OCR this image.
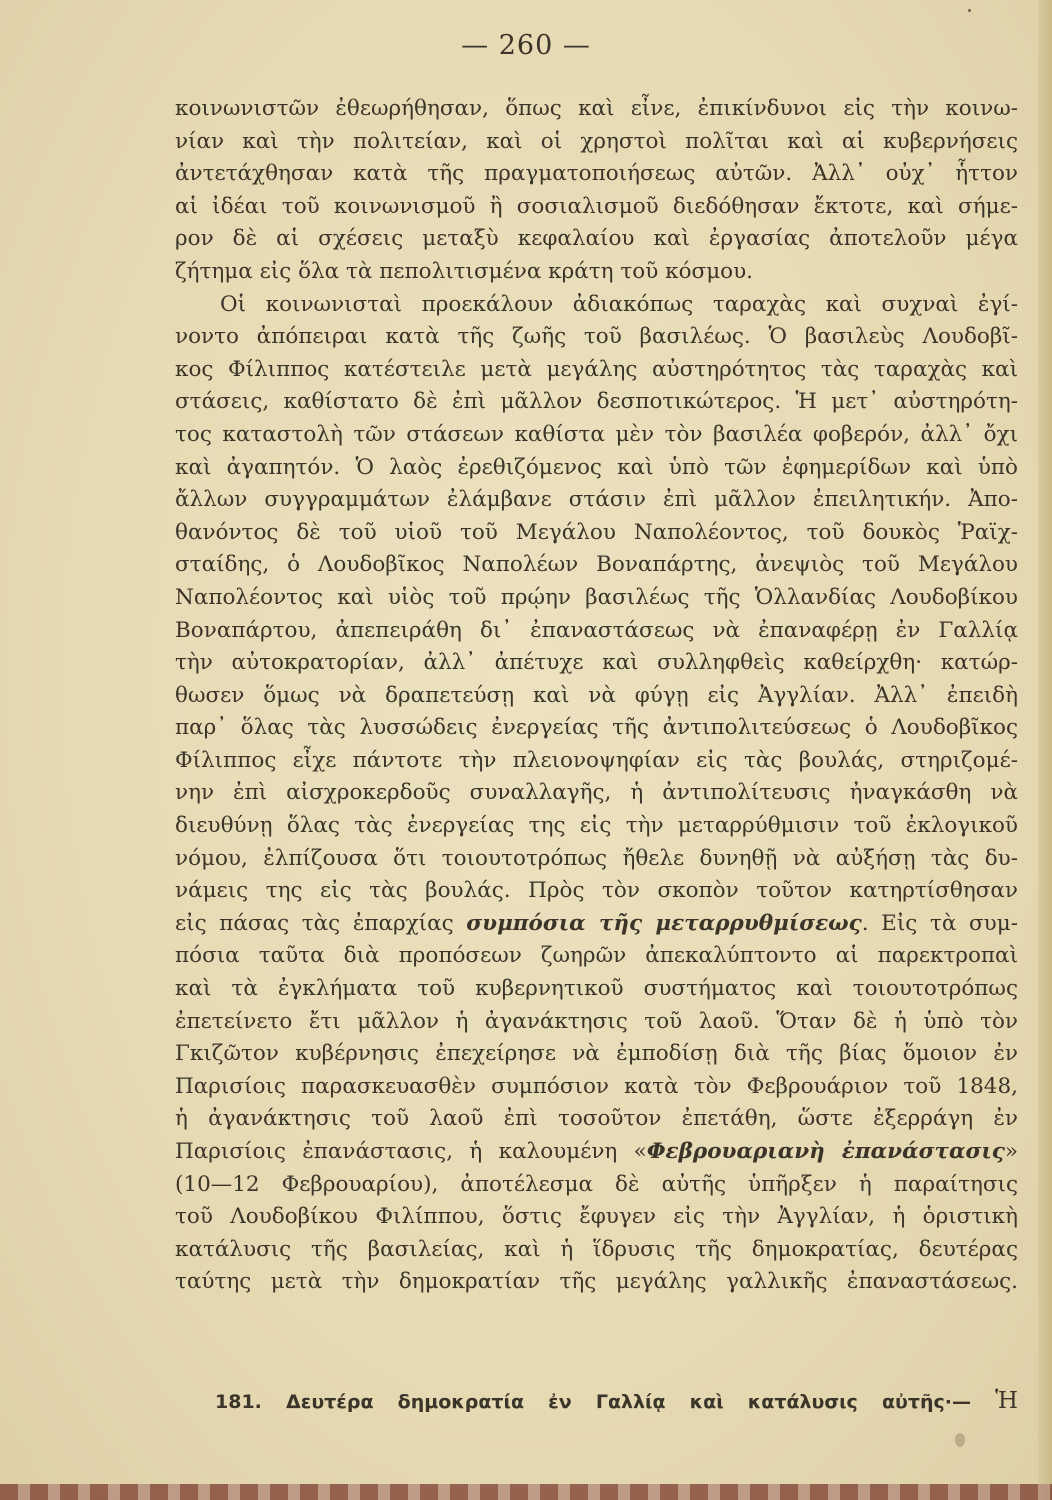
— 260 —
κοινωνιστῶν ἐθεωρήθησαν, ὅπως καὶ εἶνε, ἐπικίνδυνοι εἰς τὴν κοινω-
νίαν καὶ τὴν πολιτείαν, καὶ οἱ χρηστοὶ πολῖται καὶ αἱ κυβερνήσεις
ἀντετάχθησαν κατὰ τῆς πραγματοποιήσεως αὐτῶν. Ἀλλ᾽ οὐχ᾽ ἧττον
αἱ ἰδέαι τοῦ κοινωνισμοῦ ἢ σοσιαλισμοῦ διεδόθησαν ἔκτοτε, καὶ σήμε-
ρον δὲ αἱ σχέσεις μεταξὺ κεφαλαίου καὶ ἐργασίας ἀποτελοῦν μέγα
ζήτημα εἰς ὅλα τὰ πεπολιτισμένα κράτη τοῦ κόσμου.
Οἱ κοινωνισταὶ προεκάλουν ἀδιακόπως ταραχὰς καὶ συχναὶ ἐγί-
νοντο ἀπόπειραι κατὰ τῆς ζωῆς τοῦ βασιλέως. Ὁ βασιλεὺς Λουδοβῖ-
κος Φίλιππος κατέστειλε μετὰ μεγάλης αὐστηρότητος τὰς ταραχὰς καὶ
στάσεις, καθίστατο δὲ ἐπὶ μᾶλλον δεσποτικώτερος. Ἡ μετ᾽ αὐστηρότη-
τος καταστολὴ τῶν στάσεων καθίστα μὲν τὸν βασιλέα φοβερόν, ἀλλ᾽ ὄχι
καὶ ἀγαπητόν. Ὁ λαὸς ἐρεθιζόμενος καὶ ὑπὸ τῶν ἐφημερίδων καὶ ὑπὸ
ἄλλων συγγραμμάτων ἐλάμβανε στάσιν ἐπὶ μᾶλλον ἐπειλητικήν. Ἀπο-
θανόντος δὲ τοῦ υἱοῦ τοῦ Μεγάλου Ναπολέοντος, τοῦ δουκὸς Ῥαϊχ-
σταίδης, ὁ Λουδοβῖκος Ναπολέων Βοναπάρτης, ἀνεψιὸς τοῦ Μεγάλου
Ναπολέοντος καὶ υἱὸς τοῦ πρῴην βασιλέως τῆς Ὁλλανδίας Λουδοβίκου
Βοναπάρτου, ἀπεπειράθη δι᾽ ἐπαναστάσεως νὰ ἐπαναφέρῃ ἐν Γαλλίᾳ
τὴν αὐτοκρατορίαν, ἀλλ᾽ ἀπέτυχε καὶ συλληφθεὶς καθείρχθη· κατώρ-
θωσεν ὅμως νὰ δραπετεύσῃ καὶ νὰ φύγῃ εἰς Ἀγγλίαν. Ἀλλ᾽ ἐπειδὴ
παρ᾽ ὅλας τὰς λυσσώδεις ἐνεργείας τῆς ἀντιπολιτεύσεως ὁ Λουδοβῖκος
Φίλιππος εἶχε πάντοτε τὴν πλειονοψηφίαν εἰς τὰς βουλάς, στηριζομέ-
νην ἐπὶ αἰσχροκερδοῦς συναλλαγῆς, ἡ ἀντιπολίτευσις ἠναγκάσθη νὰ
διευθύνῃ ὅλας τὰς ἐνεργείας της εἰς τὴν μεταρρύθμισιν τοῦ ἐκλογικοῦ
νόμου, ἐλπίζουσα ὅτι τοιουτοτρόπως ἤθελε δυνηθῇ νὰ αὐξήσῃ τὰς δυ-
νάμεις της εἰς τὰς βουλάς. Πρὸς τὸν σκοπὸν τοῦτον κατηρτίσθησαν
εἰς πάσας τὰς ἐπαρχίας συμπόσια τῆς μεταρρυθμίσεως. Εἰς τὰ συμ-
πόσια ταῦτα διὰ προπόσεων ζωηρῶν ἀπεκαλύπτοντο αἱ παρεκτροπαὶ
καὶ τὰ ἐγκλήματα τοῦ κυβερνητικοῦ συστήματος καὶ τοιουτοτρόπως
ἐπετείνετο ἔτι μᾶλλον ἡ ἀγανάκτησις τοῦ λαοῦ. Ὅταν δὲ ἡ ὑπὸ τὸν
Γκιζῶτον κυβέρνησις ἐπεχείρησε νὰ ἐμποδίσῃ διὰ τῆς βίας ὅμοιον ἐν
Παρισίοις παρασκευασθὲν συμπόσιον κατὰ τὸν Φεβρουάριον τοῦ 1848,
ἡ ἀγανάκτησις τοῦ λαοῦ ἐπὶ τοσοῦτον ἐπετάθη, ὥστε ἐξερράγη ἐν
Παρισίοις ἐπανάστασις, ἡ καλουμένη «Φεβρουαριανὴ ἐπανάστασις»
(10—12 Φεβρουαρίου), ἀποτέλεσμα δὲ αὐτῆς ὑπῆρξεν ἡ παραίτησις
τοῦ Λουδοβίκου Φιλίππου, ὅστις ἔφυγεν εἰς τὴν Ἀγγλίαν, ἡ ὁριστικὴ
κατάλυσις τῆς βασιλείας, καὶ ἡ ἵδρυσις τῆς δημοκρατίας, δευτέρας
ταύτης μετὰ τὴν δημοκρατίαν τῆς μεγάλης γαλλικῆς ἐπαναστάσεως.
181. Δευτέρα δημοκρατία ἐν Γαλλίᾳ καὶ κατάλυσις αὐτῆς·— Ἡ
